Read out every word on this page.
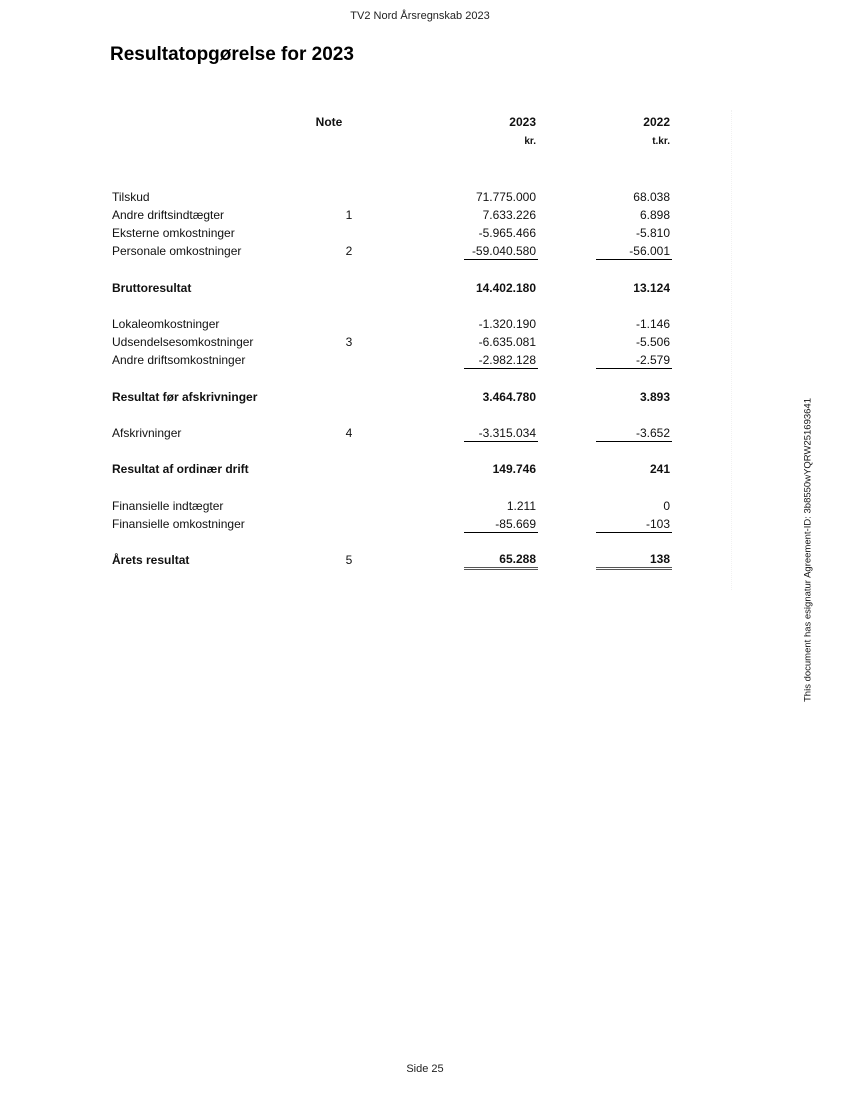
TV2 Nord Årsregnskab 2023
Resultatopgørelse for 2023
Note	2023	2022
kr.	t.kr.
Tilskud	71.775.000	68.038
Andre driftsindtægter	1	7.633.226	6.898
Eksterne omkostninger	-5.965.466	-5.810
Personale omkostninger	2	-59.040.580	-56.001
Bruttoresultat	14.402.180	13.124
Lokaleomkostninger	-1.320.190	-1.146
Udsendelsesomkostninger	3	-6.635.081	-5.506
Andre driftsomkostninger	-2.982.128	-2.579
Resultat før afskrivninger	3.464.780	3.893
Afskrivninger	4	-3.315.034	-3.652
Resultat af ordinær drift	149.746	241
Finansielle indtægter	1.211	0
Finansielle omkostninger	-85.669	-103
Årets resultat	5	65.288	138	This document has esignatur Agreement-ID: 3b8550wYQRW251693641
Side 25
